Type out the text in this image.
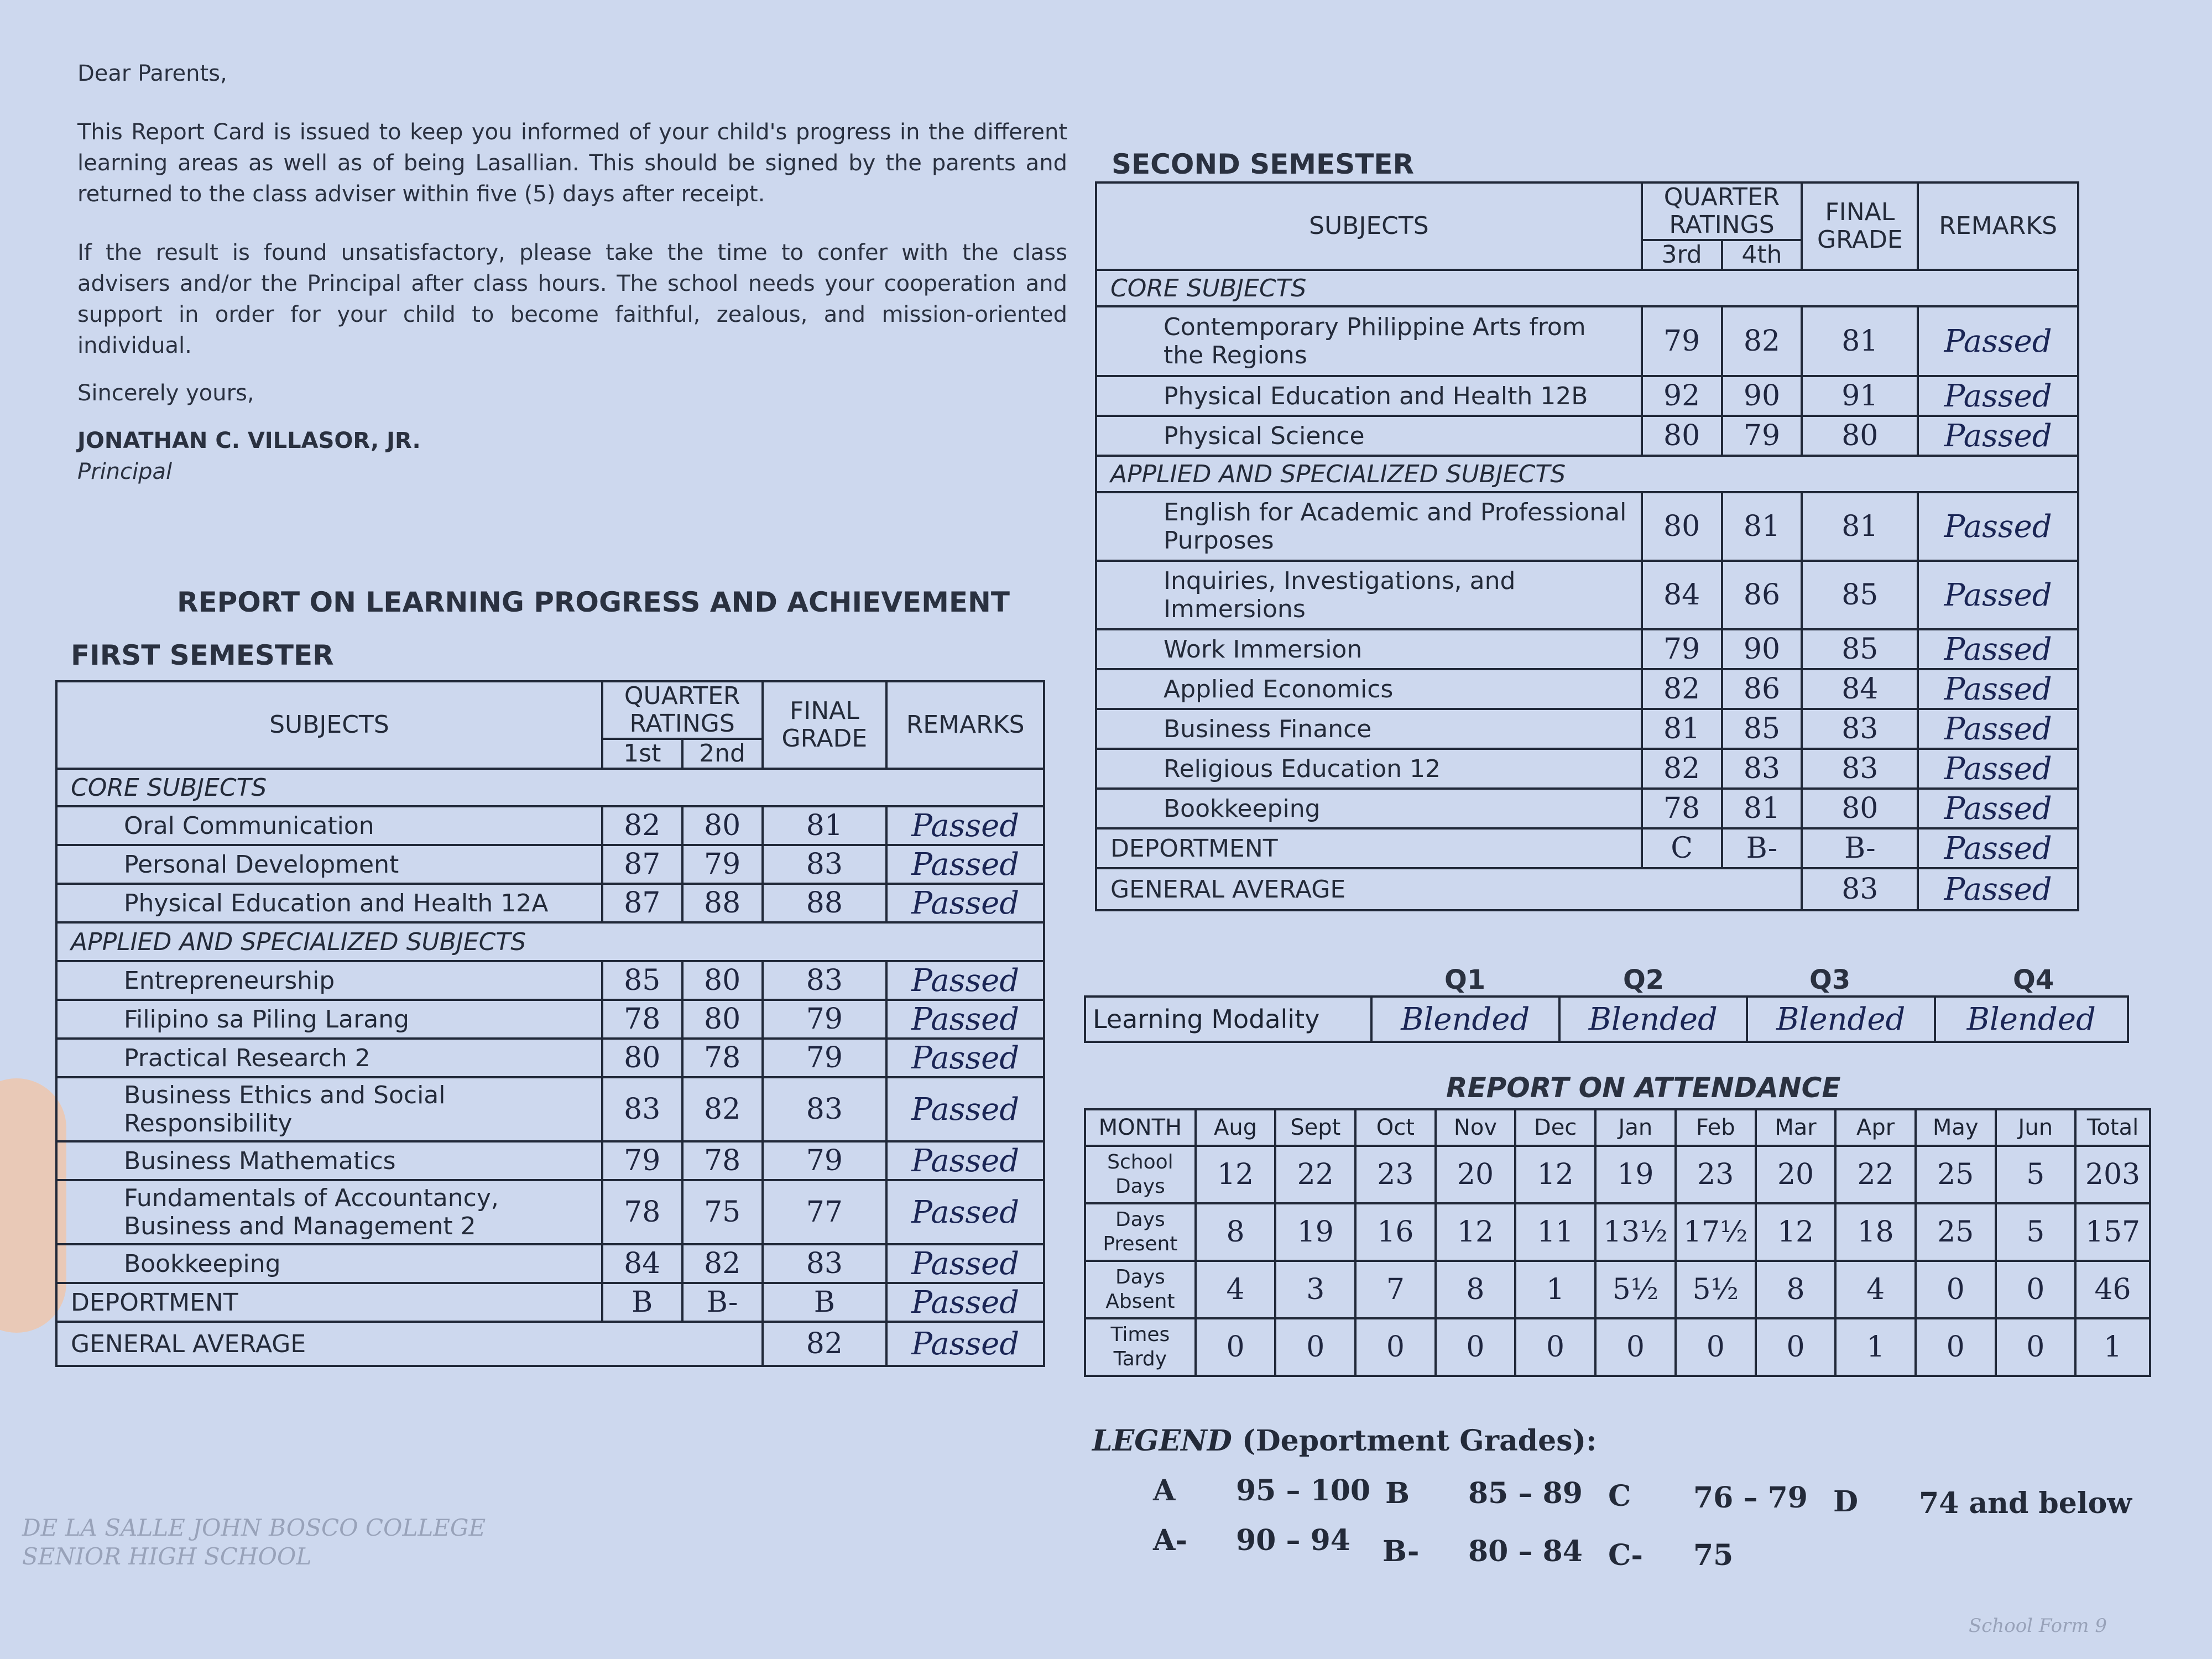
Dear Parents,

This Report Card is issued to keep you informed of your child's progress in the different learning areas as well as of being Lasallian. This should be signed by the parents and returned to the class adviser within five (5) days after receipt.

If the result is found unsatisfactory, please take the time to confer with the class advisers and/or the Principal after class hours. The school needs your cooperation and support in order for your child to become faithful, zealous, and mission-oriented individual.

Sincerely yours,

JONATHAN C. VILLASOR, JR.

Principal

REPORT ON LEARNING PROGRESS AND ACHIEVEMENT
FIRST SEMESTER
SUBJECTS	QUARTER RATINGS		FINAL GRADE	REMARKS
	1st	2nd		
CORE SUBJECTS				
Oral Communication	82	80	81	Passed
Personal Development	87	79	83	Passed
Physical Education and Health 12A	87	88	88	Passed
APPLIED AND SPECIALIZED SUBJECTS				
Entrepreneurship	85	80	83	Passed
Filipino sa Piling Larang	78	80	79	Passed
Practical Research 2	80	78	79	Passed
Business Ethics and Social Responsibility	83	82	83	Passed
Business Mathematics	79	78	79	Passed
Fundamentals of Accountancy, Business and Management 2	78	75	77	Passed
Bookkeeping	84	82	83	Passed
DEPORTMENT	B	B-	B	Passed
GENERAL AVERAGE			82	Passed
SECOND SEMESTER
SUBJECTS	QUARTER RATINGS		FINAL GRADE	REMARKS
	3rd	4th		
CORE SUBJECTS				
Contemporary Philippine Arts from the Regions	79	82	81	Passed
Physical Education and Health 12B	92	90	91	Passed
Physical Science	80	79	80	Passed
APPLIED AND SPECIALIZED SUBJECTS				
English for Academic and Professional Purposes	80	81	81	Passed
Inquiries, Investigations, and Immersions	84	86	85	Passed
Work Immersion	79	90	85	Passed
Applied Economics	82	86	84	Passed
Business Finance	81	85	83	Passed
Religious Education 12	82	83	83	Passed
Bookkeeping	78	81	80	Passed
DEPORTMENT	C	B-	B-	Passed
GENERAL AVERAGE			83	Passed
Q1	Q2	Q3	Q4
Learning Modality	Blended	Blended	Blended	Blended
REPORT ON ATTENDANCE
MONTH	Aug	Sept	Oct	Nov	Dec	Jan	Feb	Mar	Apr	May	Jun	Total
School Days	12	22	23	20	12	19	23	20	22	25	5	203
Days Present	8	19	16	12	11	13½	17½	12	18	25	5	157
Days Absent	4	3	7	8	1	5½	5½	8	4	0	0	46
Times Tardy	0	0	0	0	0	0	0	0	1	0	0	1
LEGEND (Deportment Grades):
A 95 – 100 B 85 – 89 C 76 – 79 D 74 and below
A- 90 – 94 B- 80 – 84 C- 75
DE LA SALLE JOHN BOSCO COLLEGE
SENIOR HIGH SCHOOL
School Form 9
